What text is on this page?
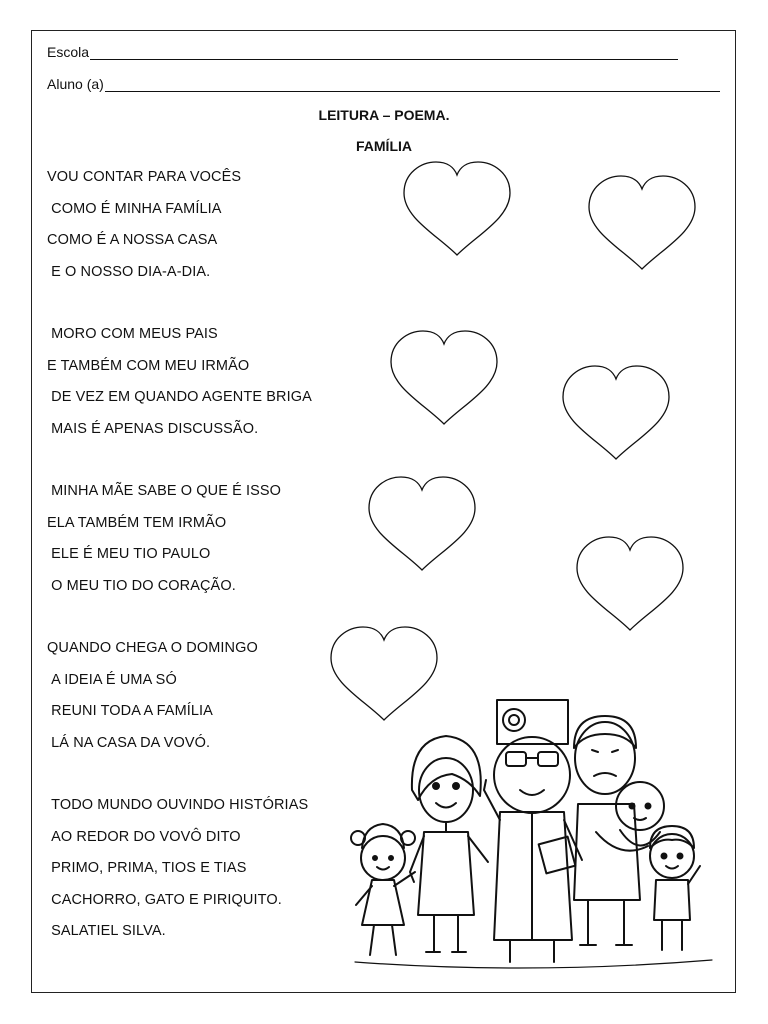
Escola
Aluno (a)
LEITURA – POEMA.
FAMÍLIA
VOU CONTAR PARA VOCÊS
COMO É MINHA FAMÍLIA
COMO É A NOSSA CASA
E O NOSSO DIA-A-DIA.
MORO COM MEUS PAIS
E TAMBÉM COM MEU IRMÃO
DE VEZ EM QUANDO AGENTE BRIGA
MAIS É APENAS DISCUSSÃO.
MINHA MÃE SABE O QUE É ISSO
ELA TAMBÉM TEM IRMÃO
ELE É MEU TIO PAULO
O MEU TIO DO CORAÇÃO.
QUANDO CHEGA O DOMINGO
A IDEIA É UMA SÓ
REUNI TODA A FAMÍLIA
LÁ NA CASA DA VOVÓ.
TODO MUNDO OUVINDO HISTÓRIAS
AO REDOR DO VOVÔ DITO
PRIMO, PRIMA, TIOS E TIAS
CACHORRO, GATO E PIRIQUITO.
SALATIEL SILVA.
